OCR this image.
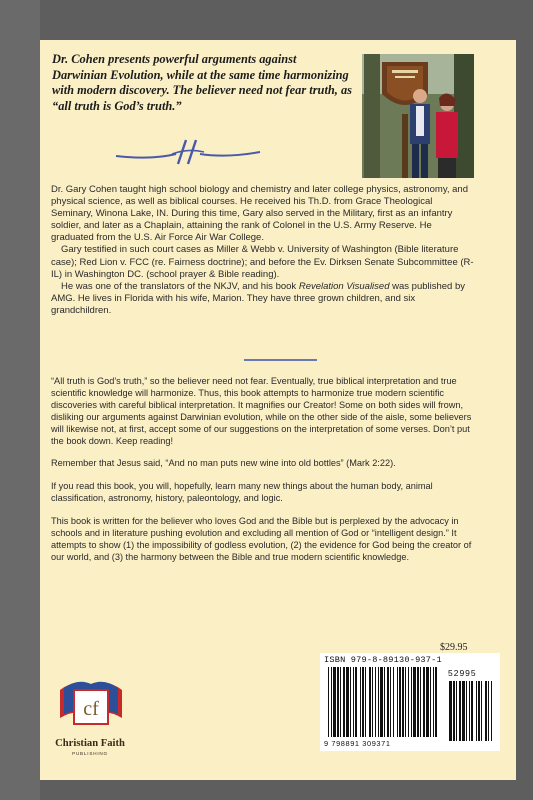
Dr. Cohen presents powerful arguments against Darwinian Evolution, while at the same time harmonizing with modern discovery. The believer need not fear truth, as “all truth is God’s truth.”

Dr. Gary Cohen taught high school biology and chemistry and later college physics, astronomy, and physical science, as well as biblical courses. He received his Th.D. from Grace Theological Seminary, Winona Lake, IN. During this time, Gary also served in the Military, first as an infantry soldier, and later as a Chaplain, attaining the rank of Colonel in the U.S. Army Reserve. He graduated from the U.S. Air Force Air War College.

Gary testified in such court cases as Miller & Webb v. University of Washington (Bible literature case); Red Lion v. FCC (re. Fairness doctrine); and before the Ev. Dirksen Senate Subcommittee (R-IL) in Washington DC. (school prayer & Bible reading).

He was one of the translators of the NKJV, and his book Revelation Visualised was published by AMG. He lives in Florida with his wife, Marion. They have three grown children, and six grandchildren.

“All truth is God’s truth,” so the believer need not fear. Eventually, true biblical interpretation and true scientific knowledge will harmonize. Thus, this book attempts to harmonize true modern scientific discoveries with careful biblical interpretation. It magnifies our Creator! Some on both sides will frown, disliking our arguments against Darwinian evolution, while on the other side of the aisle, some believers will likewise not, at first, accept some of our suggestions on the interpretation of some verses. Don’t put the book down. Keep reading!

Remember that Jesus said, “And no man puts new wine into old bottles” (Mark 2:22).

If you read this book, you will, hopefully, learn many new things about the human body, animal classification, astronomy, history, paleontology, and logic.

This book is written for the believer who loves God and the Bible but is perplexed by the advocacy in schools and in literature pushing evolution and excluding all mention of God or “intelligent design.” It attempts to show (1) the impossibility of godless evolution, (2) the evidence for God being the creator of our world, and (3) the harmony between the Bible and true modern scientific knowledge.

$29.95
ISBN 979-8-89130-937-1
52995
9 798891 309371
cf
Christian Faith
PUBLISHING
